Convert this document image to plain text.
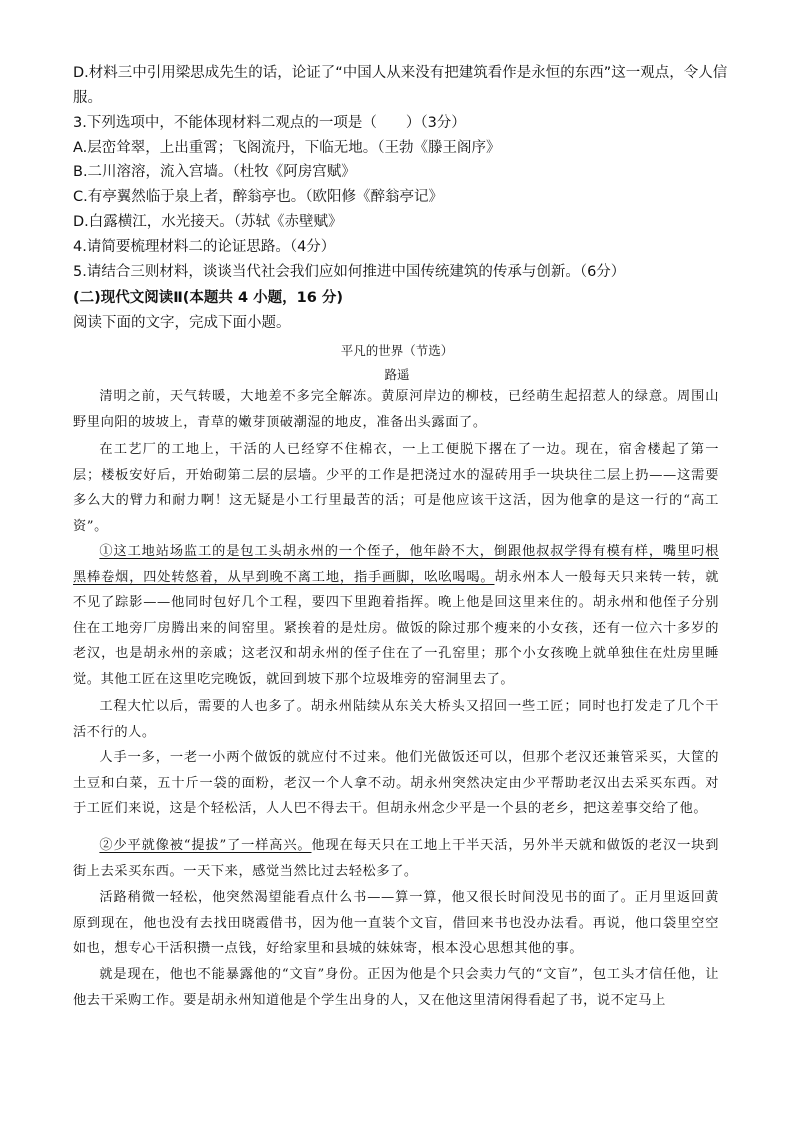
D.材料三中引用梁思成先生的话，论证了“中国人从来没有把建筑看作是永恒的东西”这一观点，令人信
服。
3.下列选项中，不能体现材料二观点的一项是（　　）（3分）
A.层峦耸翠，上出重霄；飞阁流丹，下临无地。（王勃《滕王阁序》
B.二川溶溶，流入宫墙。（杜牧《阿房宫赋》
C.有亭翼然临于泉上者，醉翁亭也。（欧阳修《醉翁亭记》
D.白露横江，水光接天。（苏轼《赤壁赋》
4.请简要梳理材料二的论证思路。（4分）
5.请结合三则材料，谈谈当代社会我们应如何推进中国传统建筑的传承与创新。（6分）
(二)现代文阅读Ⅱ(本题共 4 小题，16 分)
阅读下面的文字，完成下面小题。
平凡的世界（节选）
路遥
清明之前，天气转暖，大地差不多完全解冻。黄原河岸边的柳枝，已经萌生起招惹人的绿意。周围山野里向阳的坡坡上，青草的嫩芽顶破潮湿的地皮，准备出头露面了。
在工艺厂的工地上，干活的人已经穿不住棉衣，一上工便脱下撂在了一边。现在，宿舍楼起了第一层；楼板安好后，开始砌第二层的层墙。少平的工作是把浇过水的湿砖用手一块块往二层上扔——这需要多么大的臂力和耐力啊！这无疑是小工行里最苦的活；可是他应该干这活，因为他拿的是这一行的“高工资”。
①这工地站场监工的是包工头胡永州的一个侄子，他年龄不大，倒跟他叔叔学得有模有样，嘴里叼根黑棒卷烟，四处转悠着，从早到晚不离工地，指手画脚，吆吆喝喝。胡永州本人一般每天只来转一转，就不见了踪影——他同时包好几个工程，要四下里跑着指挥。晚上他是回这里来住的。胡永州和他侄子分别住在工地旁厂房腾出来的间窑里。紧挨着的是灶房。做饭的除过那个瘦来的小女孩，还有一位六十多岁的老汉，也是胡永州的亲戚；这老汉和胡永州的侄子住在了一孔窑里；那个小女孩晚上就单独住在灶房里睡觉。其他工匠在这里吃完晚饭，就回到坡下那个垃圾堆旁的窑洞里去了。
工程大忙以后，需要的人也多了。胡永州陆续从东关大桥头又招回一些工匠；同时也打发走了几个干活不行的人。
人手一多，一老一小两个做饭的就应付不过来。他们光做饭还可以，但那个老汉还兼管采买，大筐的土豆和白菜，五十斤一袋的面粉，老汉一个人拿不动。胡永州突然决定由少平帮助老汉出去采买东西。对于工匠们来说，这是个轻松活，人人巴不得去干。但胡永州念少平是一个县的老乡，把这差事交给了他。
②少平就像被“提拔”了一样高兴。他现在每天只在工地上干半天活，另外半天就和做饭的老汉一块到街上去采买东西。一天下来，感觉当然比过去轻松多了。
活路稍微一轻松，他突然渴望能看点什么书——算一算，他又很长时间没见书的面了。正月里返回黄原到现在，他也没有去找田晓霞借书，因为他一直装个文盲，借回来书也没办法看。再说，他口袋里空空如也，想专心干活积攒一点钱，好给家里和县城的妹妹寄，根本没心思想其他的事。
就是现在，他也不能暴露他的“文盲”身份。正因为他是个只会卖力气的“文盲”，包工头才信任他，让他去干采购工作。要是胡永州知道他是个学生出身的人，又在他这里清闲得看起了书，说不定马上
